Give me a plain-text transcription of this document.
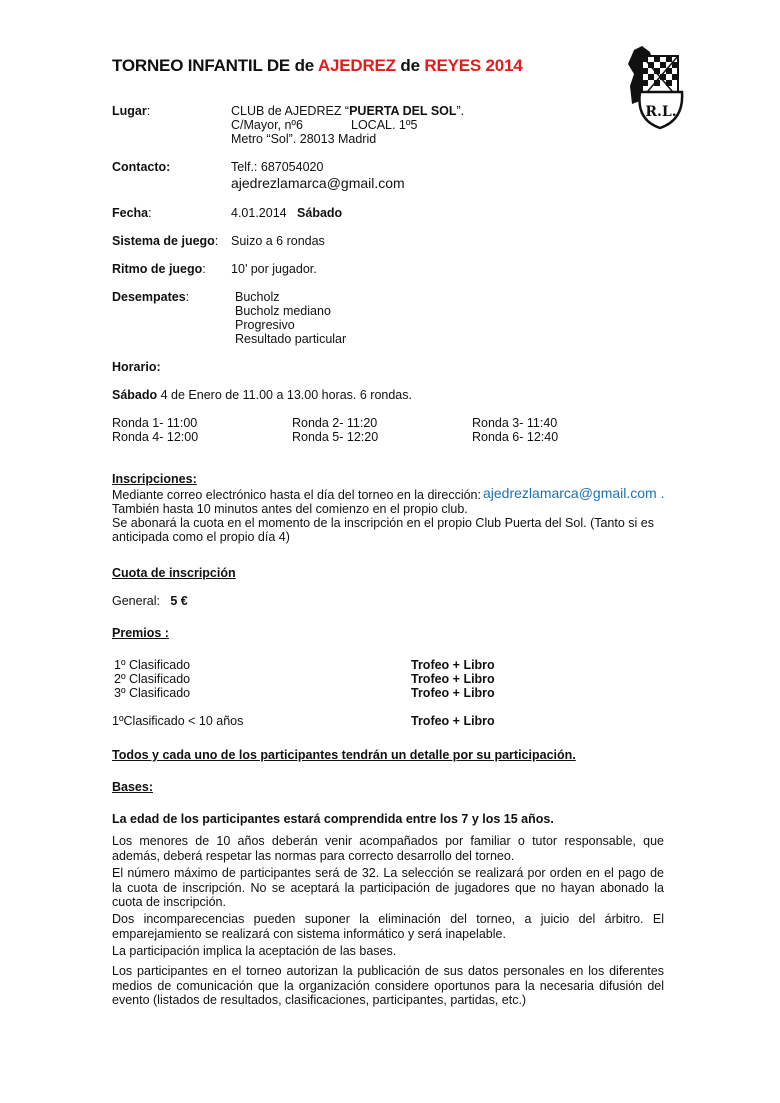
TORNEO INFANTIL DE de AJEDREZ de REYES 2014
R.L.
Lugar:	CLUB de AJEDREZ “PUERTA DEL SOL”.
C/Mayor, nº6	LOCAL. 1º5
Metro “Sol”. 28013 Madrid
Contacto:	Telf.: 687054020
ajedrezlamarca@gmail.com
Fecha:	4.01.2014 Sábado
Sistema de juego: Suizo a 6 rondas
Ritmo de juego: 10’ por jugador.
Desempates:	Bucholz
Bucholz mediano
Progresivo
Resultado particular
Horario:
Sábado 4 de Enero de 11.00 a 13.00 horas. 6 rondas.
Ronda 1- 11:00	Ronda 2- 11:20	Ronda 3- 11:40
Ronda 4- 12:00	Ronda 5- 12:20	Ronda 6- 12:40
Inscripciones:
Mediante correo electrónico hasta el día del torneo en la dirección: ajedrezlamarca@gmail.com .
También hasta 10 minutos antes del comienzo en el propio club.
Se abonará la cuota en el momento de la inscripción en el propio Club Puerta del Sol. (Tanto si es
anticipada como el propio día 4)
Cuota de inscripción
General: 5 €
Premios :
1º Clasificado	Trofeo + Libro
2º Clasificado	Trofeo + Libro
3º Clasificado	Trofeo + Libro
1ºClasificado < 10 años	Trofeo + Libro
Todos y cada uno de los participantes tendrán un detalle por su participación.
Bases:
La edad de los participantes estará comprendida entre los 7 y los 15 años.
Los menores de 10 años deberán venir acompañados por familiar o tutor responsable, que además, deberá respetar las normas para correcto desarrollo del torneo.
El número máximo de participantes será de 32. La selección se realizará por orden en el pago de la cuota de inscripción. No se aceptará la participación de jugadores que no hayan abonado la cuota de inscripción.
Dos incomparecencias pueden suponer la eliminación del torneo, a juicio del árbitro. El emparejamiento se realizará con sistema informático y será inapelable.
La participación implica la aceptación de las bases.
Los participantes en el torneo autorizan la publicación de sus datos personales en los diferentes medios de comunicación que la organización considere oportunos para la necesaria difusión del evento (listados de resultados, clasificaciones, participantes, partidas, etc.)
